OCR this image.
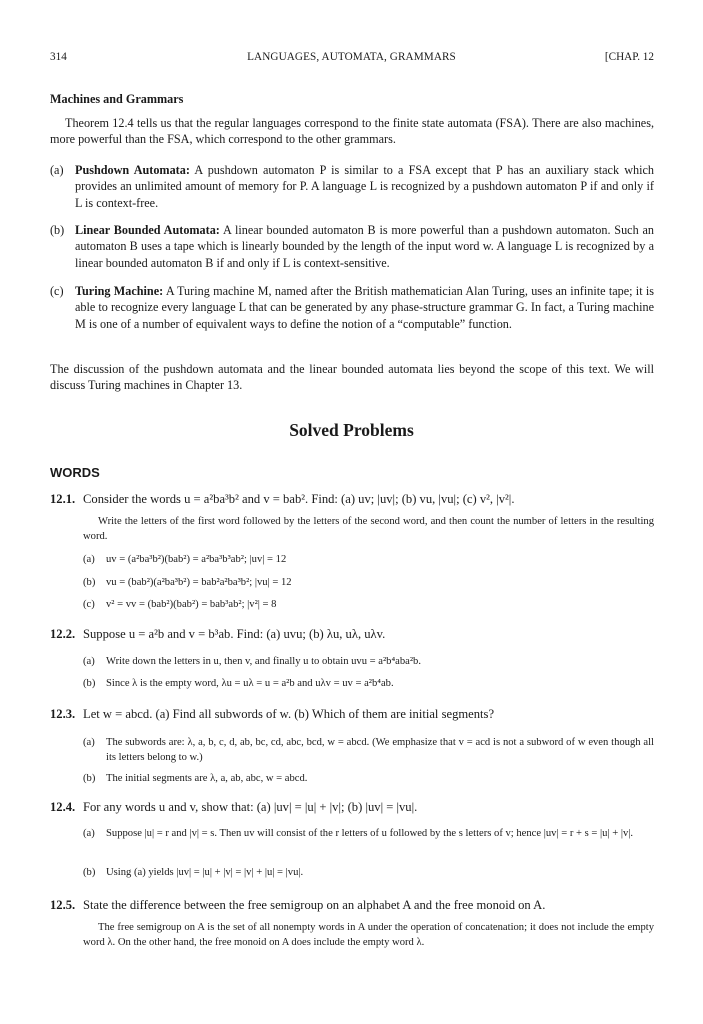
314	LANGUAGES, AUTOMATA, GRAMMARS	[CHAP. 12
Machines and Grammars
Theorem 12.4 tells us that the regular languages correspond to the finite state automata (FSA). There are also machines, more powerful than the FSA, which correspond to the other grammars.
(a) Pushdown Automata: A pushdown automaton P is similar to a FSA except that P has an auxiliary stack which provides an unlimited amount of memory for P. A language L is recognized by a pushdown automaton P if and only if L is context-free.
(b) Linear Bounded Automata: A linear bounded automaton B is more powerful than a pushdown automaton. Such an automaton B uses a tape which is linearly bounded by the length of the input word w. A language L is recognized by a linear bounded automaton B if and only if L is context-sensitive.
(c) Turing Machine: A Turing machine M, named after the British mathematician Alan Turing, uses an infinite tape; it is able to recognize every language L that can be generated by any phase-structure grammar G. In fact, a Turing machine M is one of a number of equivalent ways to define the notion of a “computable” function.
The discussion of the pushdown automata and the linear bounded automata lies beyond the scope of this text. We will discuss Turing machines in Chapter 13.
Solved Problems
WORDS
12.1. Consider the words u = a²ba³b² and v = bab². Find: (a) uv; |uv|; (b) vu, |vu|; (c) v², |v²|.
Write the letters of the first word followed by the letters of the second word, and then count the number of letters in the resulting word.
(a) uv = (a²ba³b²)(bab²) = a²ba³b³ab²; |uv| = 12
(b) vu = (bab²)(a²ba³b²) = bab²a²ba³b²; |vu| = 12
(c) v² = vv = (bab²)(bab²) = bab³ab²; |v²| = 8
12.2. Suppose u = a²b and v = b³ab. Find: (a) uvu; (b) λu, uλ, uλv.
(a) Write down the letters in u, then v, and finally u to obtain uvu = a²b⁴aba²b.
(b) Since λ is the empty word, λu = uλ = u = a²b and uλv = uv = a²b⁴ab.
12.3. Let w = abcd. (a) Find all subwords of w. (b) Which of them are initial segments?
(a) The subwords are: λ, a, b, c, d, ab, bc, cd, abc, bcd, w = abcd. (We emphasize that v = acd is not a subword of w even though all its letters belong to w.)
(b) The initial segments are λ, a, ab, abc, w = abcd.
12.4. For any words u and v, show that: (a) |uv| = |u| + |v|; (b) |uv| = |vu|.
(a) Suppose |u| = r and |v| = s. Then uv will consist of the r letters of u followed by the s letters of v; hence |uv| = r + s = |u| + |v|.
(b) Using (a) yields |uv| = |u| + |v| = |v| + |u| = |vu|.
12.5. State the difference between the free semigroup on an alphabet A and the free monoid on A.
The free semigroup on A is the set of all nonempty words in A under the operation of concatenation; it does not include the empty word λ. On the other hand, the free monoid on A does include the empty word λ.
